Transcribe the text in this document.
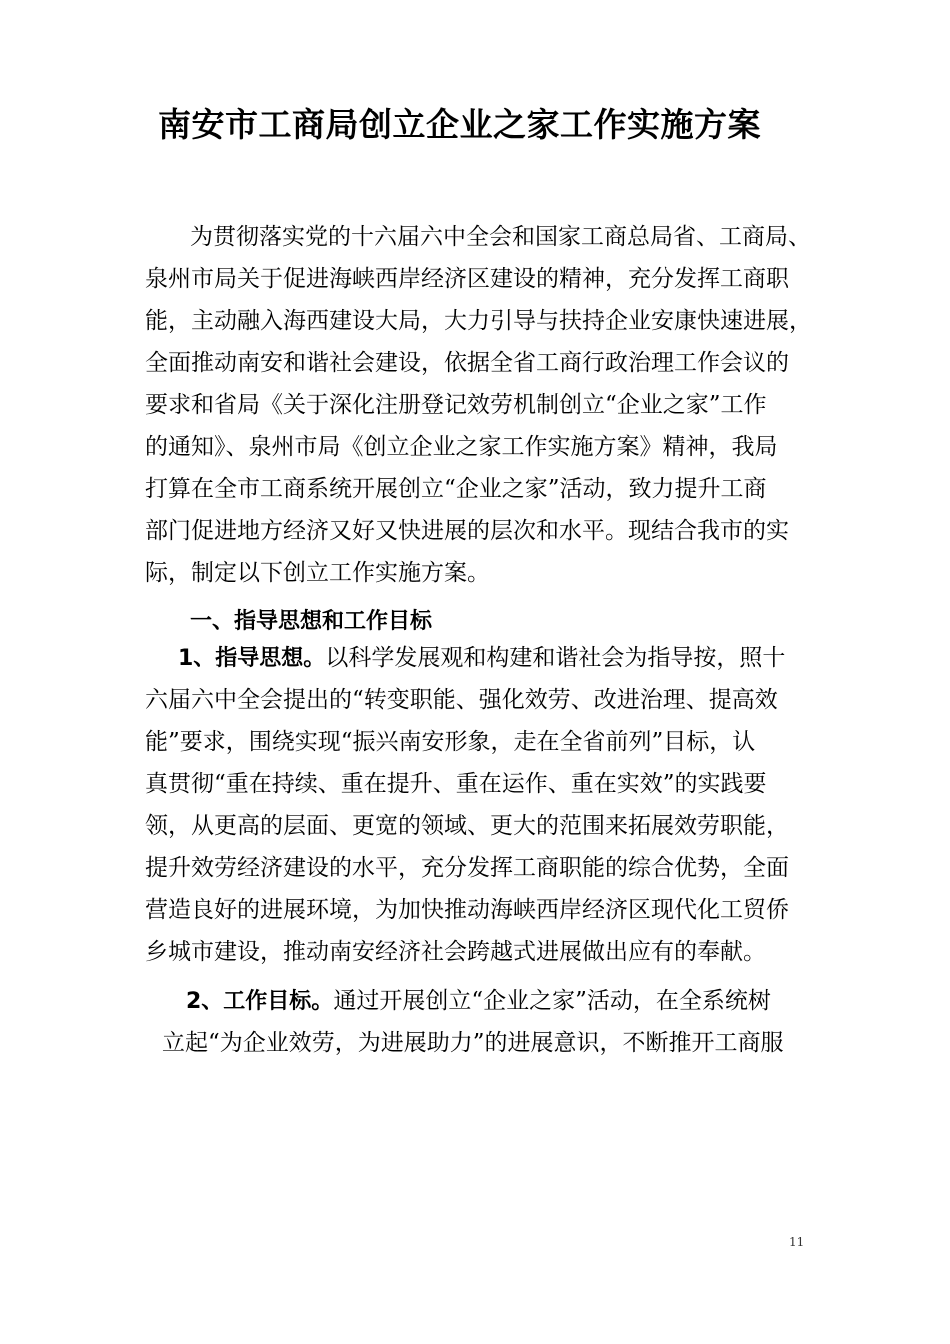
南安市工商局创立企业之家工作实施方案

为贯彻落实党的十六届六中全会和国家工商总局省、工商局、

泉州市局关于促进海峡西岸经济区建设的精神，充分发挥工商职

能，主动融入海西建设大局，大力引导与扶持企业安康快速进展，

全面推动南安和谐社会建设，依据全省工商行政治理工作会议的

要求和省局《关于深化注册登记效劳机制创立“企业之家”工作

的通知》、泉州市局《创立企业之家工作实施方案》精神，我局

打算在全市工商系统开展创立“企业之家”活动，致力提升工商

部门促进地方经济又好又快进展的层次和水平。现结合我市的实

际，制定以下创立工作实施方案。

一、指导思想和工作目标

1、指导思想。以科学发展观和构建和谐社会为指导按，照十

六届六中全会提出的“转变职能、强化效劳、改进治理、提高效

能”要求，围绕实现“振兴南安形象，走在全省前列”目标，认

真贯彻“重在持续、重在提升、重在运作、重在实效”的实践要

领，从更高的层面、更宽的领域、更大的范围来拓展效劳职能，

提升效劳经济建设的水平，充分发挥工商职能的综合优势，全面

营造良好的进展环境，为加快推动海峡西岸经济区现代化工贸侨

乡城市建设，推动南安经济社会跨越式进展做出应有的奉献。

2、工作目标。通过开展创立“企业之家”活动，在全系统树

立起“为企业效劳，为进展助力”的进展意识，不断推开工商服

11
